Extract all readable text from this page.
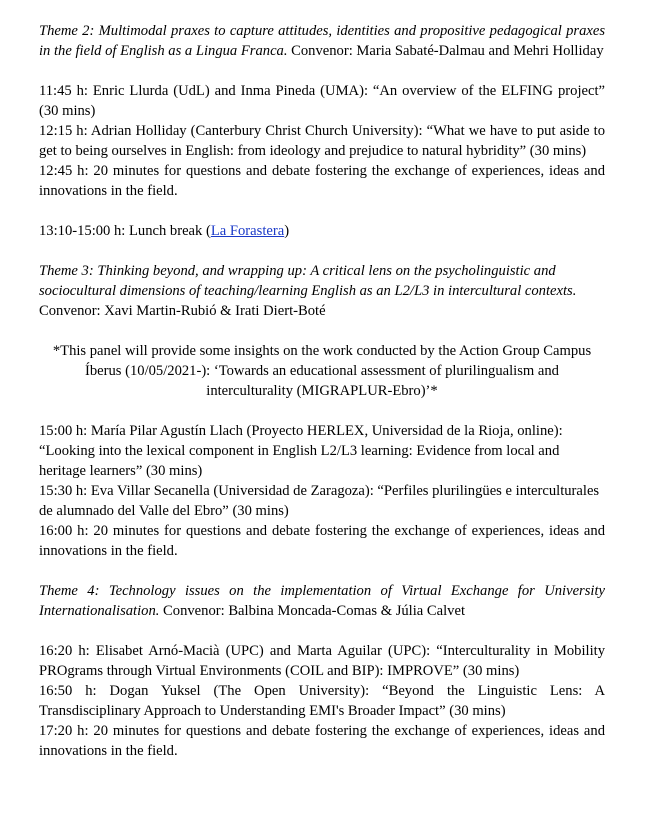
Theme 2: Multimodal praxes to capture attitudes, identities and propositive pedagogical praxes in the field of English as a Lingua Franca. Convenor: Maria Sabaté-Dalmau and Mehri Holliday

11:45 h: Enric Llurda (UdL) and Inma Pineda (UMA): “An overview of the ELFING project” (30 mins)

12:15 h: Adrian Holliday (Canterbury Christ Church University): “What we have to put aside to get to being ourselves in English: from ideology and prejudice to natural hybridity” (30 mins)

12:45 h: 20 minutes for questions and debate fostering the exchange of experiences, ideas and innovations in the field.

13:10-15:00 h: Lunch break (La Forastera)

Theme 3: Thinking beyond, and wrapping up: A critical lens on the psycholinguistic and sociocultural dimensions of teaching/learning English as an L2/L3 in intercultural contexts. Convenor: Xavi Martin-Rubió & Irati Diert-Boté

*This panel will provide some insights on the work conducted by the Action Group Campus Íberus (10/05/2021-): ‘Towards an educational assessment of plurilingualism and interculturality (MIGRAPLUR-Ebro)’*

15:00 h: María Pilar Agustín Llach (Proyecto HERLEX, Universidad de la Rioja, online): “Looking into the lexical component in English L2/L3 learning: Evidence from local and heritage learners” (30 mins)

15:30 h: Eva Villar Secanella (Universidad de Zaragoza): “Perfiles plurilingües e interculturales de alumnado del Valle del Ebro” (30 mins)

16:00 h: 20 minutes for questions and debate fostering the exchange of experiences, ideas and innovations in the field.

Theme 4: Technology issues on the implementation of Virtual Exchange for University Internationalisation. Convenor: Balbina Moncada-Comas & Júlia Calvet

16:20 h: Elisabet Arnó-Macià (UPC) and Marta Aguilar (UPC): “Interculturality in Mobility PROgrams through Virtual Environments (COIL and BIP): IMPROVE” (30 mins)

16:50 h: Dogan Yuksel (The Open University): “Beyond the Linguistic Lens: A Transdisciplinary Approach to Understanding EMI's Broader Impact” (30 mins)

17:20 h: 20 minutes for questions and debate fostering the exchange of experiences, ideas and innovations in the field.
